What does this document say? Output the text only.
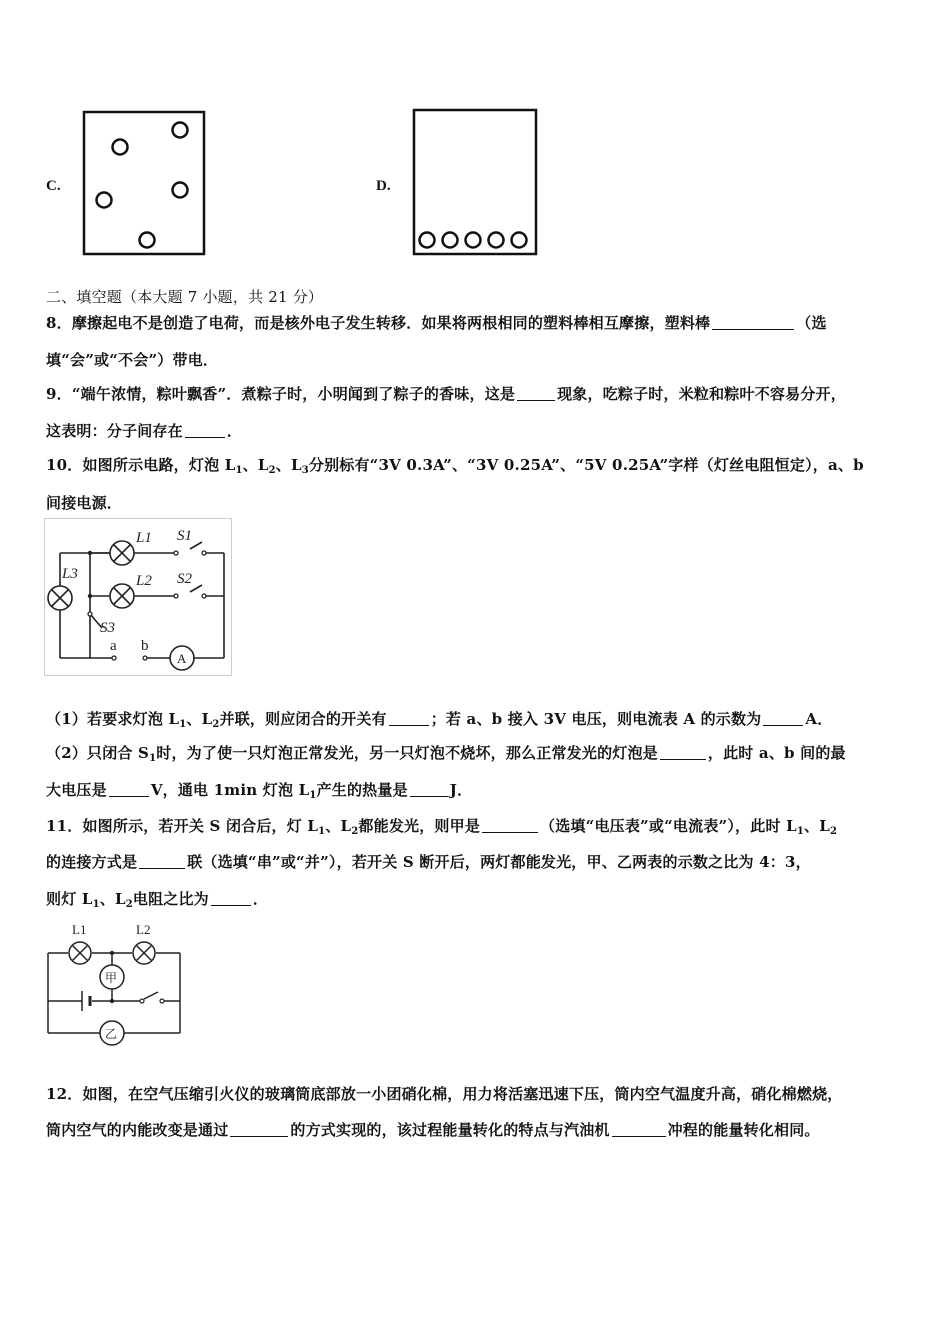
C.	D.
二、填空题（本大题 7 小题，共 21 分）
8．摩擦起电不是创造了电荷，而是核外电子发生转移．如果将两根相同的塑料棒相互摩擦，塑料棒	（选
填“会”或“不会”）带电．
9．“端午浓情，粽叶飘香”．煮粽子时，小明闻到了粽子的香味，这是	现象，吃粽子时，米粒和粽叶不容易分开，
这表明：分子间存在	．
10．如图所示电路，灯泡 $L_1$、$L_2$、$L_3$分别标有“3V 0.3A”、“3V 0.25A”、“5V 0.25A”字样（灯丝电阻恒定），a、b
间接电源．
L1
L2
L3
S1
S2
S3
a b
A
（1）若要求灯泡 $L_1$、$L_2$并联，则应闭合的开关有	；若 a、b 接入 3V 电压，则电流表 A 的示数为	A．
（2）只闭合 $S_1$时，为了使一只灯泡正常发光，另一只灯泡不烧坏，那么正常发光的灯泡是	，此时 a、b 间的最
大电压是	V，通电 1min 灯泡 $L_1$产生的热量是	J．
11．如图所示，若开关 S 闭合后，灯 $L_1$、$L_2$都能发光，则甲是	（选填“电压表”或“电流表”），此时 $L_1$、$L_2$
的连接方式是	联（选填“串”或“并”），若开关 S 断开后，两灯都能发光，甲、乙两表的示数之比为 4：3，
则灯 $L_1$、$L_2$电阻之比为	．
L1	L2
甲
乙
12．如图，在空气压缩引火仪的玻璃筒底部放一小团硝化棉，用力将活塞迅速下压，筒内空气温度升高，硝化棉燃烧，
筒内空气的内能改变是通过	的方式实现的，该过程能量转化的特点与汽油机	冲程的能量转化相同。
